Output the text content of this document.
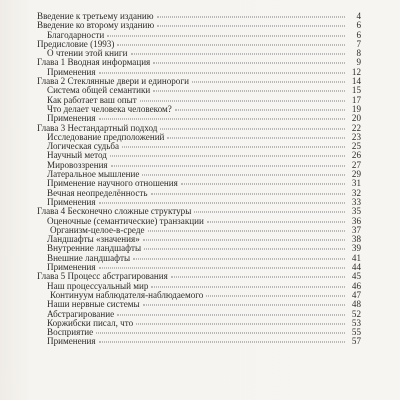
Введение к третьему изданию	4
Введение ко второму изданию	6
Благодарности	6
Предисловие (1993)	7
О чтении этой книги	8
Глава 1 Вводная информация	9
Применения	12
Глава 2 Стеклянные двери и единороги	14
Система общей семантики	15
Как работает ваш опыт	17
Что делает человека человеком?	19
Применения	20
Глава 3 Нестандартный подход	22
Исследование предположений	23
Логическая судьба	25
Научный метод	26
Мировоззрения	27
Латеральное мышление	29
Применение научного отношения	31
Вечная неопределённость	32
Применения	33
Глава 4 Бесконечно сложные структуры	35
Оценочные (семантические) транзакции	36
Организм-целое-в-среде	37
Ландшафты «значения»	38
Внутренние ландшафты	39
Внешние ландшафты	41
Применения	44
Глава 5 Процесс абстрагирования	45
Наш процессуальный мир	46
Континуум наблюдателя-наблюдаемого	47
Наши нервные системы	48
Абстрагирование	52
Коржибски писал, что	53
Восприятие	55
Применения	57
